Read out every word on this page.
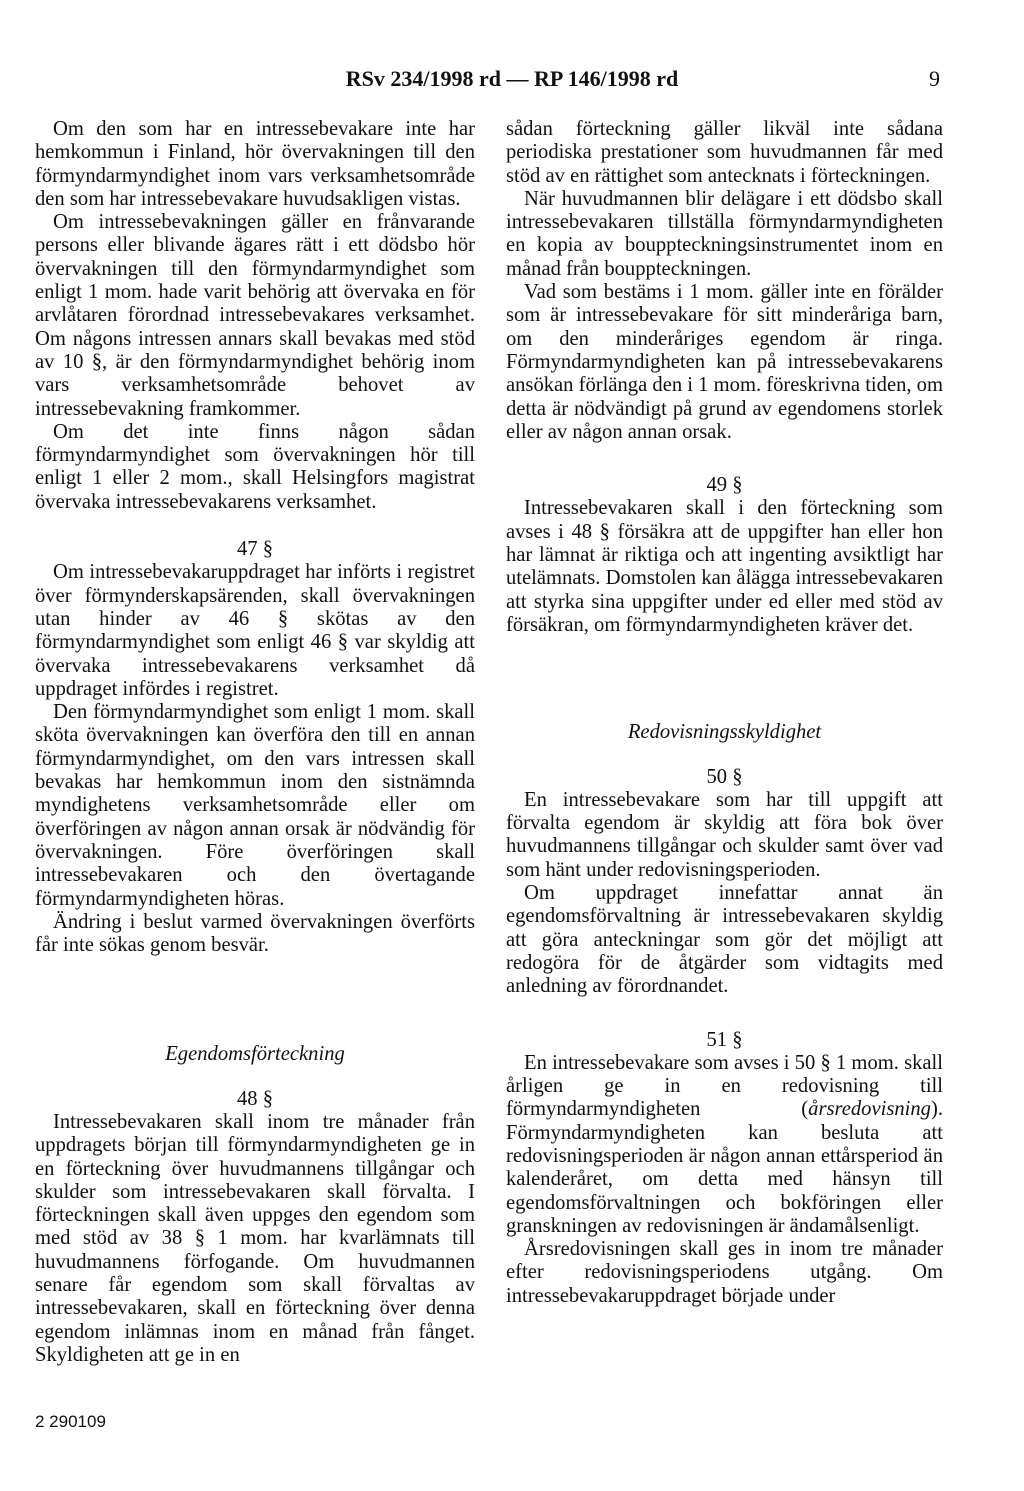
RSv 234/1998 rd — RP 146/1998 rd	9

Om den som har en intressebevakare inte har hemkommun i Finland, hör övervakningen till den förmyndarmyndighet inom vars verksamhetsområde den som har intressebevakare huvudsakligen vistas.

Om intressebevakningen gäller en frånvarande persons eller blivande ägares rätt i ett dödsbo hör övervakningen till den förmyndarmyndighet som enligt 1 mom. hade varit behörig att övervaka en för arvlåtaren förordnad intressebevakares verksamhet. Om någons intressen annars skall bevakas med stöd av 10 §, är den förmyndarmyndighet behörig inom vars verksamhetsområde behovet av intressebevakning framkommer.

Om det inte finns någon sådan förmyndarmyndighet som övervakningen hör till enligt 1 eller 2 mom., skall Helsingfors magistrat övervaka intressebevakarens verksamhet.

47 §

Om intressebevakaruppdraget har införts i registret över förmynderskapsärenden, skall övervakningen utan hinder av 46 § skötas av den förmyndarmyndighet som enligt 46 § var skyldig att övervaka intressebevakarens verksamhet då uppdraget infördes i registret.

Den förmyndarmyndighet som enligt 1 mom. skall sköta övervakningen kan överföra den till en annan förmyndarmyndighet, om den vars intressen skall bevakas har hemkommun inom den sistnämnda myndighetens verksamhetsområde eller om överföringen av någon annan orsak är nödvändig för övervakningen. Före överföringen skall intressebevakaren och den övertagande förmyndarmyndigheten höras.

Ändring i beslut varmed övervakningen överförts får inte sökas genom besvär.

Egendomsförteckning
48 §

Intressebevakaren skall inom tre månader från uppdragets början till förmyndarmyndigheten ge in en förteckning över huvudmannens tillgångar och skulder som intressebevakaren skall förvalta. I förteckningen skall även uppges den egendom som med stöd av 38 § 1 mom. har kvarlämnats till huvudmannens förfogande. Om huvudmannen senare får egendom som skall förvaltas av intressebevakaren, skall en förteckning över denna egendom inlämnas inom en månad från fånget. Skyldigheten att ge in en

sådan förteckning gäller likväl inte sådana periodiska prestationer som huvudmannen får med stöd av en rättighet som antecknats i förteckningen.

När huvudmannen blir delägare i ett dödsbo skall intressebevakaren tillställa förmyndarmyndigheten en kopia av bouppteckningsinstrumentet inom en månad från bouppteckningen.

Vad som bestäms i 1 mom. gäller inte en förälder som är intressebevakare för sitt minderåriga barn, om den minderåriges egendom är ringa. Förmyndarmyndigheten kan på intressebevakarens ansökan förlänga den i 1 mom. föreskrivna tiden, om detta är nödvändigt på grund av egendomens storlek eller av någon annan orsak.

49 §

Intressebevakaren skall i den förteckning som avses i 48 § försäkra att de uppgifter han eller hon har lämnat är riktiga och att ingenting avsiktligt har utelämnats. Domstolen kan ålägga intressebevakaren att styrka sina uppgifter under ed eller med stöd av försäkran, om förmyndarmyndigheten kräver det.

Redovisningsskyldighet
50 §

En intressebevakare som har till uppgift att förvalta egendom är skyldig att föra bok över huvudmannens tillgångar och skulder samt över vad som hänt under redovisningsperioden.

Om uppdraget innefattar annat än egendomsförvaltning är intressebevakaren skyldig att göra anteckningar som gör det möjligt att redogöra för de åtgärder som vidtagits med anledning av förordnandet.

51 §

En intressebevakare som avses i 50 § 1 mom. skall årligen ge in en redovisning till förmyndarmyndigheten (årsredovisning). Förmyndarmyndigheten kan besluta att redovisningsperioden är någon annan ettårsperiod än kalenderåret, om detta med hänsyn till egendomsförvaltningen och bokföringen eller granskningen av redovisningen är ändamålsenligt.

Årsredovisningen skall ges in inom tre månader efter redovisningsperiodens utgång. Om intressebevakaruppdraget började under

2 290109
